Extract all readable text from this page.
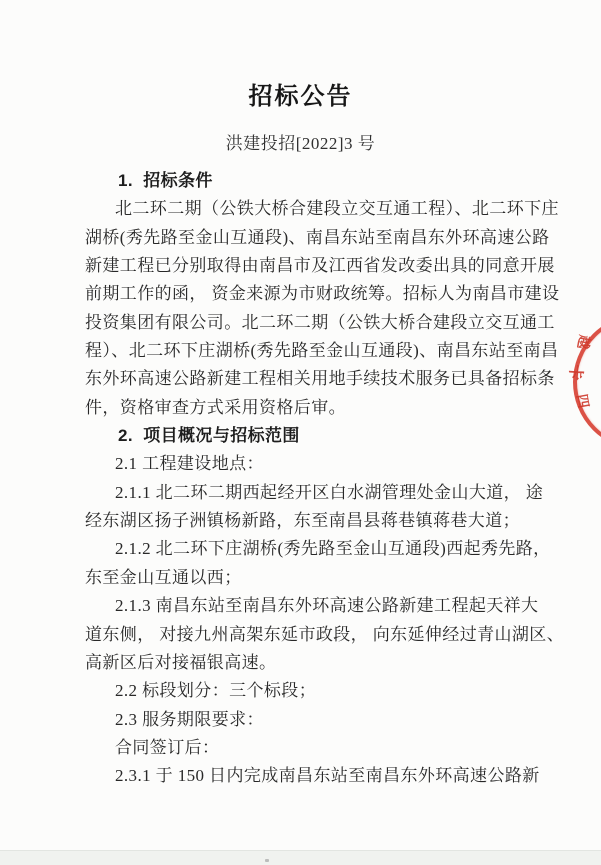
招标公告
洪建投招[2022]3 号
1.  招标条件
北二环二期（公铁大桥合建段立交互通工程）、北二环下庄
湖桥(秀先路至金山互通段)、南昌东站至南昌东外环高速公路
新建工程已分别取得由南昌市及江西省发改委出具的同意开展
前期工作的函， 资金来源为市财政统筹。招标人为南昌市建设
投资集团有限公司。北二环二期（公铁大桥合建段立交互通工
程）、北二环下庄湖桥(秀先路至金山互通段)、南昌东站至南昌
东外环高速公路新建工程相关用地手续技术服务已具备招标条
件，资格审查方式采用资格后审。
2.  项目概况与招标范围
2.1 工程建设地点：
2.1.1 北二环二期西起经开区白水湖管理处金山大道， 途
经东湖区扬子洲镇杨新路，东至南昌县蒋巷镇蒋巷大道；
2.1.2 北二环下庄湖桥(秀先路至金山互通段)西起秀先路，
东至金山互通以西；
2.1.3 南昌东站至南昌东外环高速公路新建工程起天祥大
道东侧， 对接九州高架东延市政段， 向东延伸经过青山湖区、
高新区后对接福银高速。
2.2 标段划分：三个标段；
2.3 服务期限要求：
合同签订后：
2.3.1 于 150 日内完成南昌东站至南昌东外环高速公路新
越
卡
四
